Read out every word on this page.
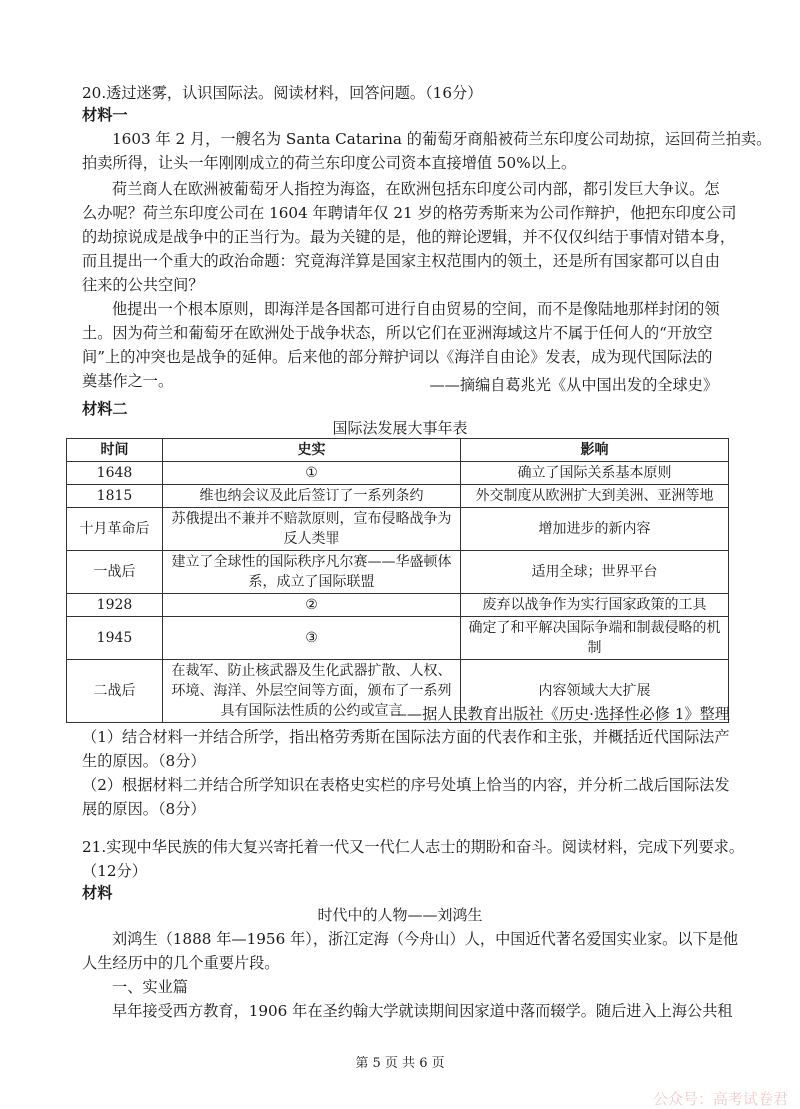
20.透过迷雾，认识国际法。阅读材料，回答问题。（16分）
材料一
1603 年 2 月，一艘名为 Santa Catarina 的葡萄牙商船被荷兰东印度公司劫掠，运回荷兰拍卖。
拍卖所得，让头一年刚刚成立的荷兰东印度公司资本直接增值 50%以上。
荷兰商人在欧洲被葡萄牙人指控为海盗，在欧洲包括东印度公司内部，都引发巨大争议。怎
么办呢？荷兰东印度公司在 1604 年聘请年仅 21 岁的格劳秀斯来为公司作辩护，他把东印度公司
的劫掠说成是战争中的正当行为。最为关键的是，他的辩论逻辑，并不仅仅纠结于事情对错本身，
而且提出一个重大的政治命题：究竟海洋算是国家主权范围内的领土，还是所有国家都可以自由
往来的公共空间？
他提出一个根本原则，即海洋是各国都可进行自由贸易的空间，而不是像陆地那样封闭的领
土。因为荷兰和葡萄牙在欧洲处于战争状态，所以它们在亚洲海域这片不属于任何人的“开放空
间”上的冲突也是战争的延伸。后来他的部分辩护词以《海洋自由论》发表，成为现代国际法的
奠基作之一。	——摘编自葛兆光《从中国出发的全球史》
材料二
国际法发展大事年表
时间	史实	影响
1648	①	确立了国际关系基本原则
1815	维也纳会议及此后签订了一系列条约	外交制度从欧洲扩大到美洲、亚洲等地
十月革命后	苏俄提出不兼并不赔款原则，宣布侵略战争为反人类罪	增加进步的新内容
一战后	建立了全球性的国际秩序凡尔赛——华盛顿体系，成立了国际联盟	适用全球；世界平台
1928	②	废弃以战争作为实行国家政策的工具
1945	③	确定了和平解决国际争端和制裁侵略的机制
二战后	在裁军、防止核武器及生化武器扩散、人权、环境、海洋、外层空间等方面，颁布了一系列具有国际法性质的公约或宣言	内容领域大大扩展
——据人民教育出版社《历史·选择性必修 1》整理
（1）结合材料一并结合所学，指出格劳秀斯在国际法方面的代表作和主张，并概括近代国际法产
生的原因。（8分）
（2）根据材料二并结合所学知识在表格史实栏的序号处填上恰当的内容，并分析二战后国际法发
展的原因。（8分）
21.实现中华民族的伟大复兴寄托着一代又一代仁人志士的期盼和奋斗。阅读材料，完成下列要求。
（12分）
材料
时代中的人物——刘鸿生
刘鸿生（1888 年—1956 年），浙江定海（今舟山）人，中国近代著名爱国实业家。以下是他
人生经历中的几个重要片段。
一、实业篇
早年接受西方教育，1906 年在圣约翰大学就读期间因家道中落而辍学。随后进入上海公共租
第 5 页 共 6 页
公众号：高考试卷君
